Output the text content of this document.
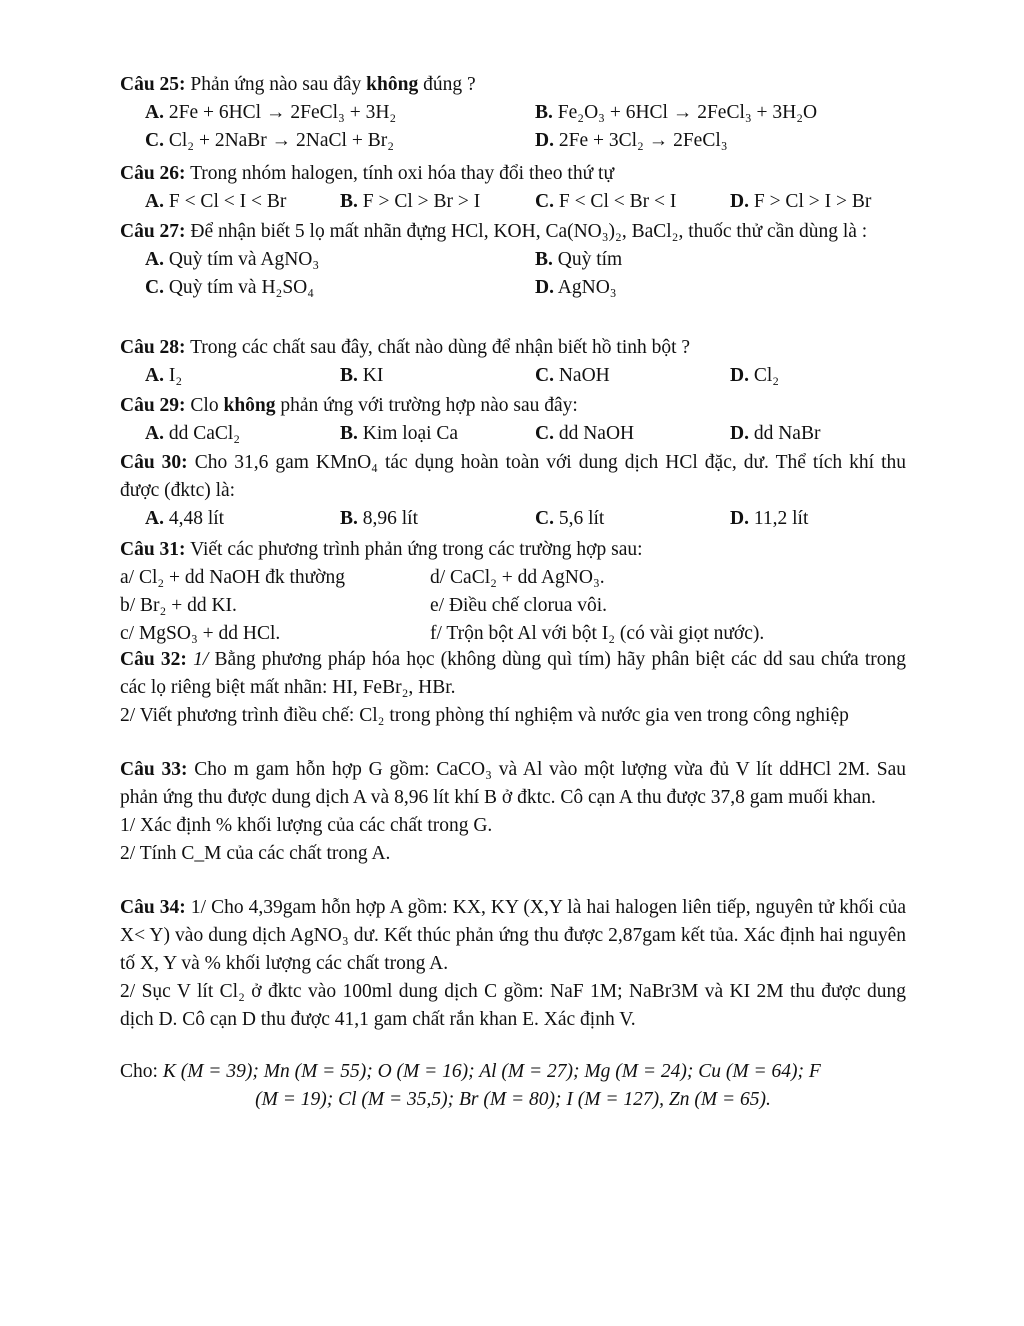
Câu 25: Phản ứng nào sau đây không đúng ?
A. 2Fe + 6HCl → 2FeCl₃ + 3H₂	B. Fe₂O₃ + 6HCl → 2FeCl₃ + 3H₂O
C. Cl₂ + 2NaBr → 2NaCl + Br₂	D. 2Fe + 3Cl₂ → 2FeCl₃
Câu 26: Trong nhóm halogen, tính oxi hóa thay đổi theo thứ tự
A. F < Cl < I < Br	B. F > Cl > Br > I	C. F < Cl < Br < I	D. F > Cl > I > Br
Câu 27: Để nhận biết 5 lọ mất nhãn đựng HCl, KOH, Ca(NO₃)₂, BaCl₂, thuốc thử cần dùng là :
A. Quỳ tím và AgNO₃	B. Quỳ tím
C. Quỳ tím và H₂SO₄	D. AgNO₃
Câu 28: Trong các chất sau đây, chất nào dùng để nhận biết hồ tinh bột ?
A. I₂	B. KI	C. NaOH	D. Cl₂
Câu 29: Clo không phản ứng với trường hợp nào sau đây:
A. dd CaCl₂	B. Kim loại Ca	C. dd NaOH	D. dd NaBr
Câu 30: Cho 31,6 gam KMnO₄ tác dụng hoàn toàn với dung dịch HCl đặc, dư. Thể tích khí thu được (đktc) là:
A. 4,48 lít	B. 8,96 lít	C. 5,6 lít	D. 11,2 lít
Câu 31: Viết các phương trình phản ứng trong các trường hợp sau:
a/ Cl₂ + dd NaOH đk thường	d/ CaCl₂ + dd AgNO₃.
b/ Br₂ + dd KI.	e/ Điều chế clorua vôi.
c/ MgSO₃ + dd HCl.	f/ Trộn bột Al với bột I₂ (có vài giọt nước).
Câu 32: 1/ Bằng phương pháp hóa học (không dùng quì tím) hãy phân biệt các dd sau chứa trong các lọ riêng biệt mất nhãn: HI, FeBr₂, HBr.
2/ Viết phương trình điều chế: Cl₂ trong phòng thí nghiệm và nước gia ven trong công nghiệp
Câu 33: Cho m gam hỗn hợp G gồm: CaCO₃ và Al vào một lượng vừa đủ V lít ddHCl 2M. Sau phản ứng thu được dung dịch A và 8,96 lít khí B ở đktc. Cô cạn A thu được 37,8 gam muối khan.
1/ Xác định % khối lượng của các chất trong G.
2/ Tính C_M của các chất trong A.
Câu 34: 1/ Cho 4,39gam hỗn hợp A gồm: KX, KY (X,Y là hai halogen liên tiếp, nguyên tử khối của X< Y) vào dung dịch AgNO₃ dư. Kết thúc phản ứng thu được 2,87gam kết tủa. Xác định hai nguyên tố X, Y và % khối lượng các chất trong A.
2/ Sục V lít Cl₂ ở đktc vào 100ml dung dịch C gồm: NaF 1M; NaBr3M và KI 2M thu được dung dịch D. Cô cạn D thu được 41,1 gam chất rắn khan E. Xác định V.
Cho: K (M = 39); Mn (M = 55); O (M = 16); Al (M = 27); Mg (M = 24); Cu (M = 64); F
(M = 19); Cl (M = 35,5); Br (M = 80); I (M = 127), Zn (M = 65).
